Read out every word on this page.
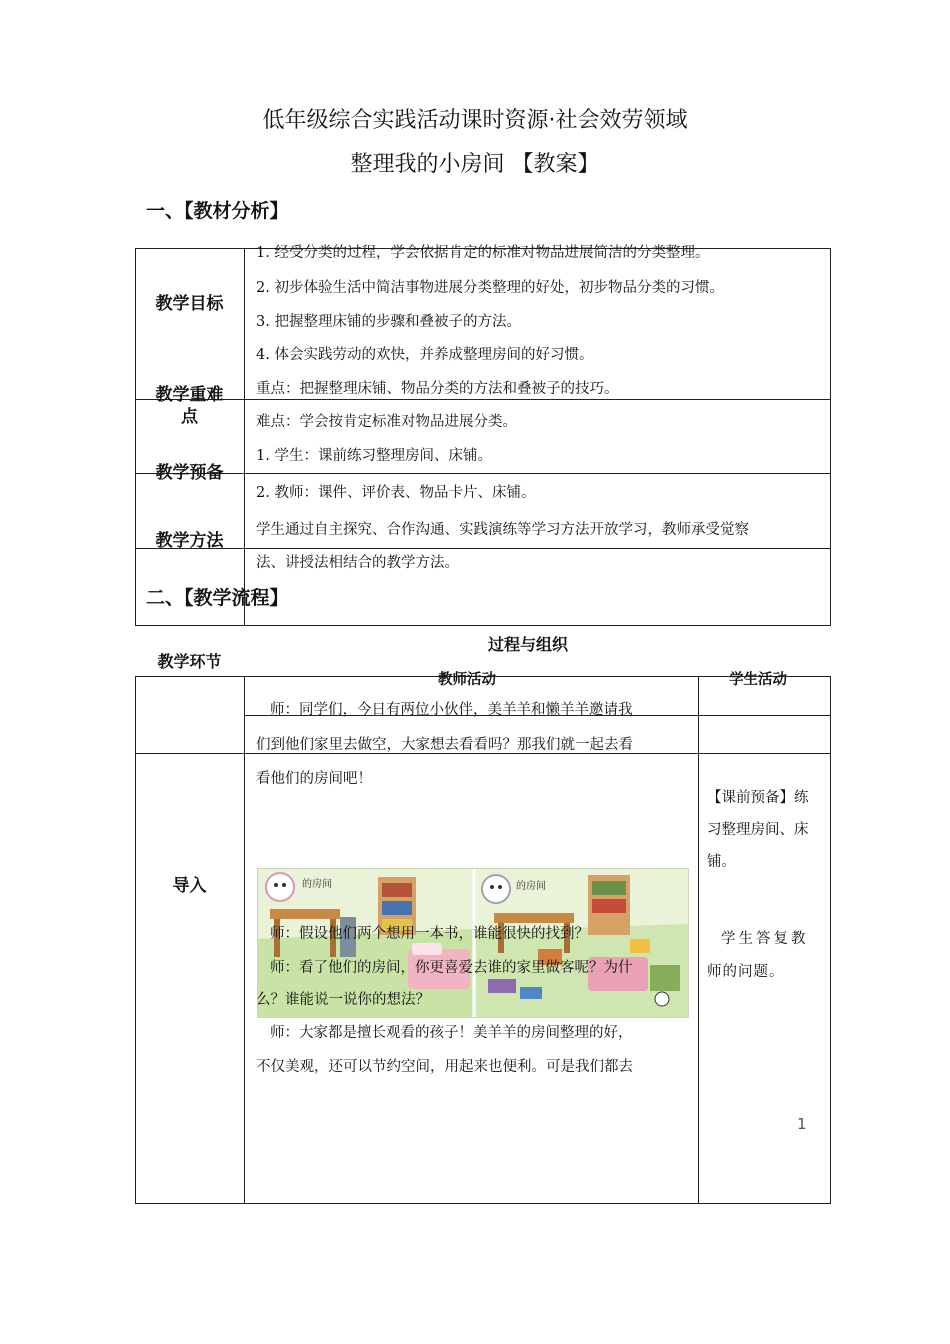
低年级综合实践活动课时资源·社会效劳领域
整理我的小房间 【教案】
一、【教材分析】
教学目标
1. 经受分类的过程，学会依据肯定的标准对物品进展简洁的分类整理。
2. 初步体验生活中简洁事物进展分类整理的好处，初步物品分类的习惯。
3. 把握整理床铺的步骤和叠被子的方法。
4. 体会实践劳动的欢快，并养成整理房间的好习惯。
教学重难
点
重点：把握整理床铺、物品分类的方法和叠被子的技巧。
难点：学会按肯定标准对物品进展分类。
教学预备
1. 学生：课前练习整理房间、床铺。
2. 教师：课件、评价表、物品卡片、床铺。
教学方法
学生通过自主探究、合作沟通、实践演练等学习方法开放学习，教师承受觉察
法、讲授法相结合的教学方法。
二、【教学流程】
过程与组织
教学环节
教师活动	学生活动
导入
师：同学们，今日有两位小伙伴，美羊羊和懒羊羊邀请我
们到他们家里去做空，大家想去看看吗？那我们就一起去看
看他们的房间吧！
的房间	的房间
师：假设他们两个想用一本书，谁能很快的找到？
师：看了他们的房间，你更喜爱去谁的家里做客呢？为什
么？谁能说一说你的想法？
师：大家都是擅长观看的孩子！美羊羊的房间整理的好，
不仅美观，还可以节约空间，用起来也便利。可是我们都去
【课前预备】练
习整理房间、床
铺。
学生答复教
师的问题。
1
